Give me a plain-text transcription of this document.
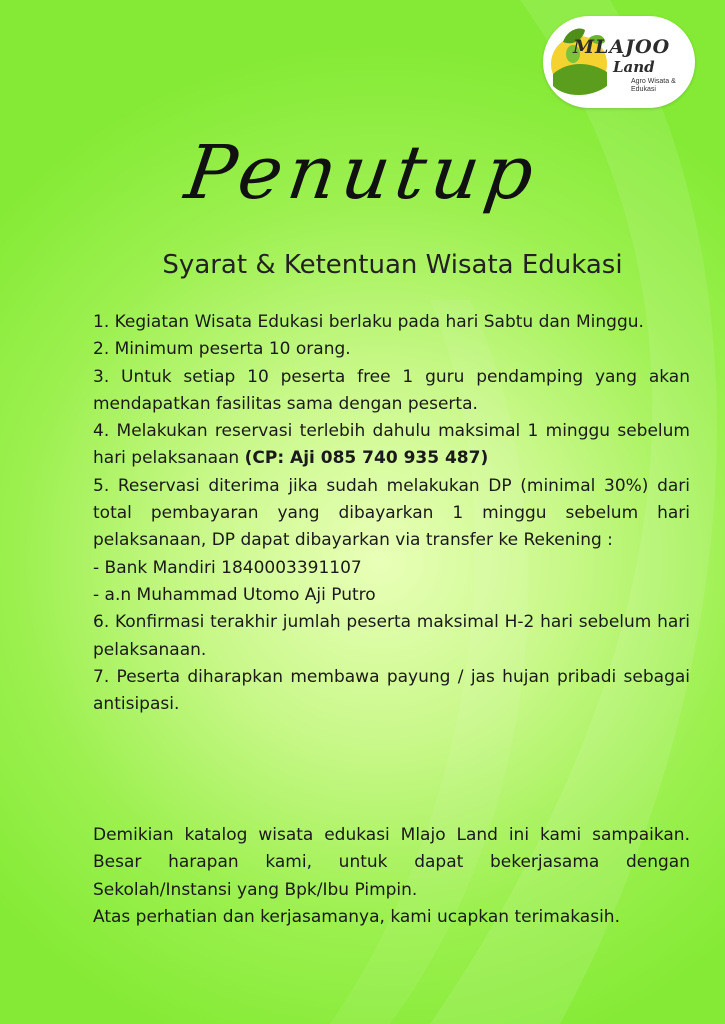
MLAJOO
Land
Agro Wisata & Edukasi
Penutup
Syarat & Ketentuan Wisata Edukasi

1. Kegiatan Wisata Edukasi berlaku pada hari Sabtu dan Minggu.

2. Minimum peserta 10 orang.

3. Untuk setiap 10 peserta free 1 guru pendamping yang akan mendapatkan fasilitas sama dengan peserta.

4. Melakukan reservasi terlebih dahulu maksimal 1 minggu sebelum hari pelaksanaan (CP: Aji 085 740 935 487)

5. Reservasi diterima jika sudah melakukan DP (minimal 30%) dari total pembayaran yang dibayarkan 1 minggu sebelum hari pelaksanaan, DP dapat dibayarkan via transfer ke Rekening :

- Bank Mandiri 1840003391107

- a.n Muhammad Utomo Aji Putro

6. Konfirmasi terakhir jumlah peserta maksimal H-2 hari sebelum hari pelaksanaan.

7. Peserta diharapkan membawa payung / jas hujan pribadi sebagai antisipasi.

Demikian katalog wisata edukasi Mlajo Land ini kami sampaikan. Besar harapan kami, untuk dapat bekerjasama dengan Sekolah/Instansi yang Bpk/Ibu Pimpin.

Atas perhatian dan kerjasamanya, kami ucapkan terimakasih.
